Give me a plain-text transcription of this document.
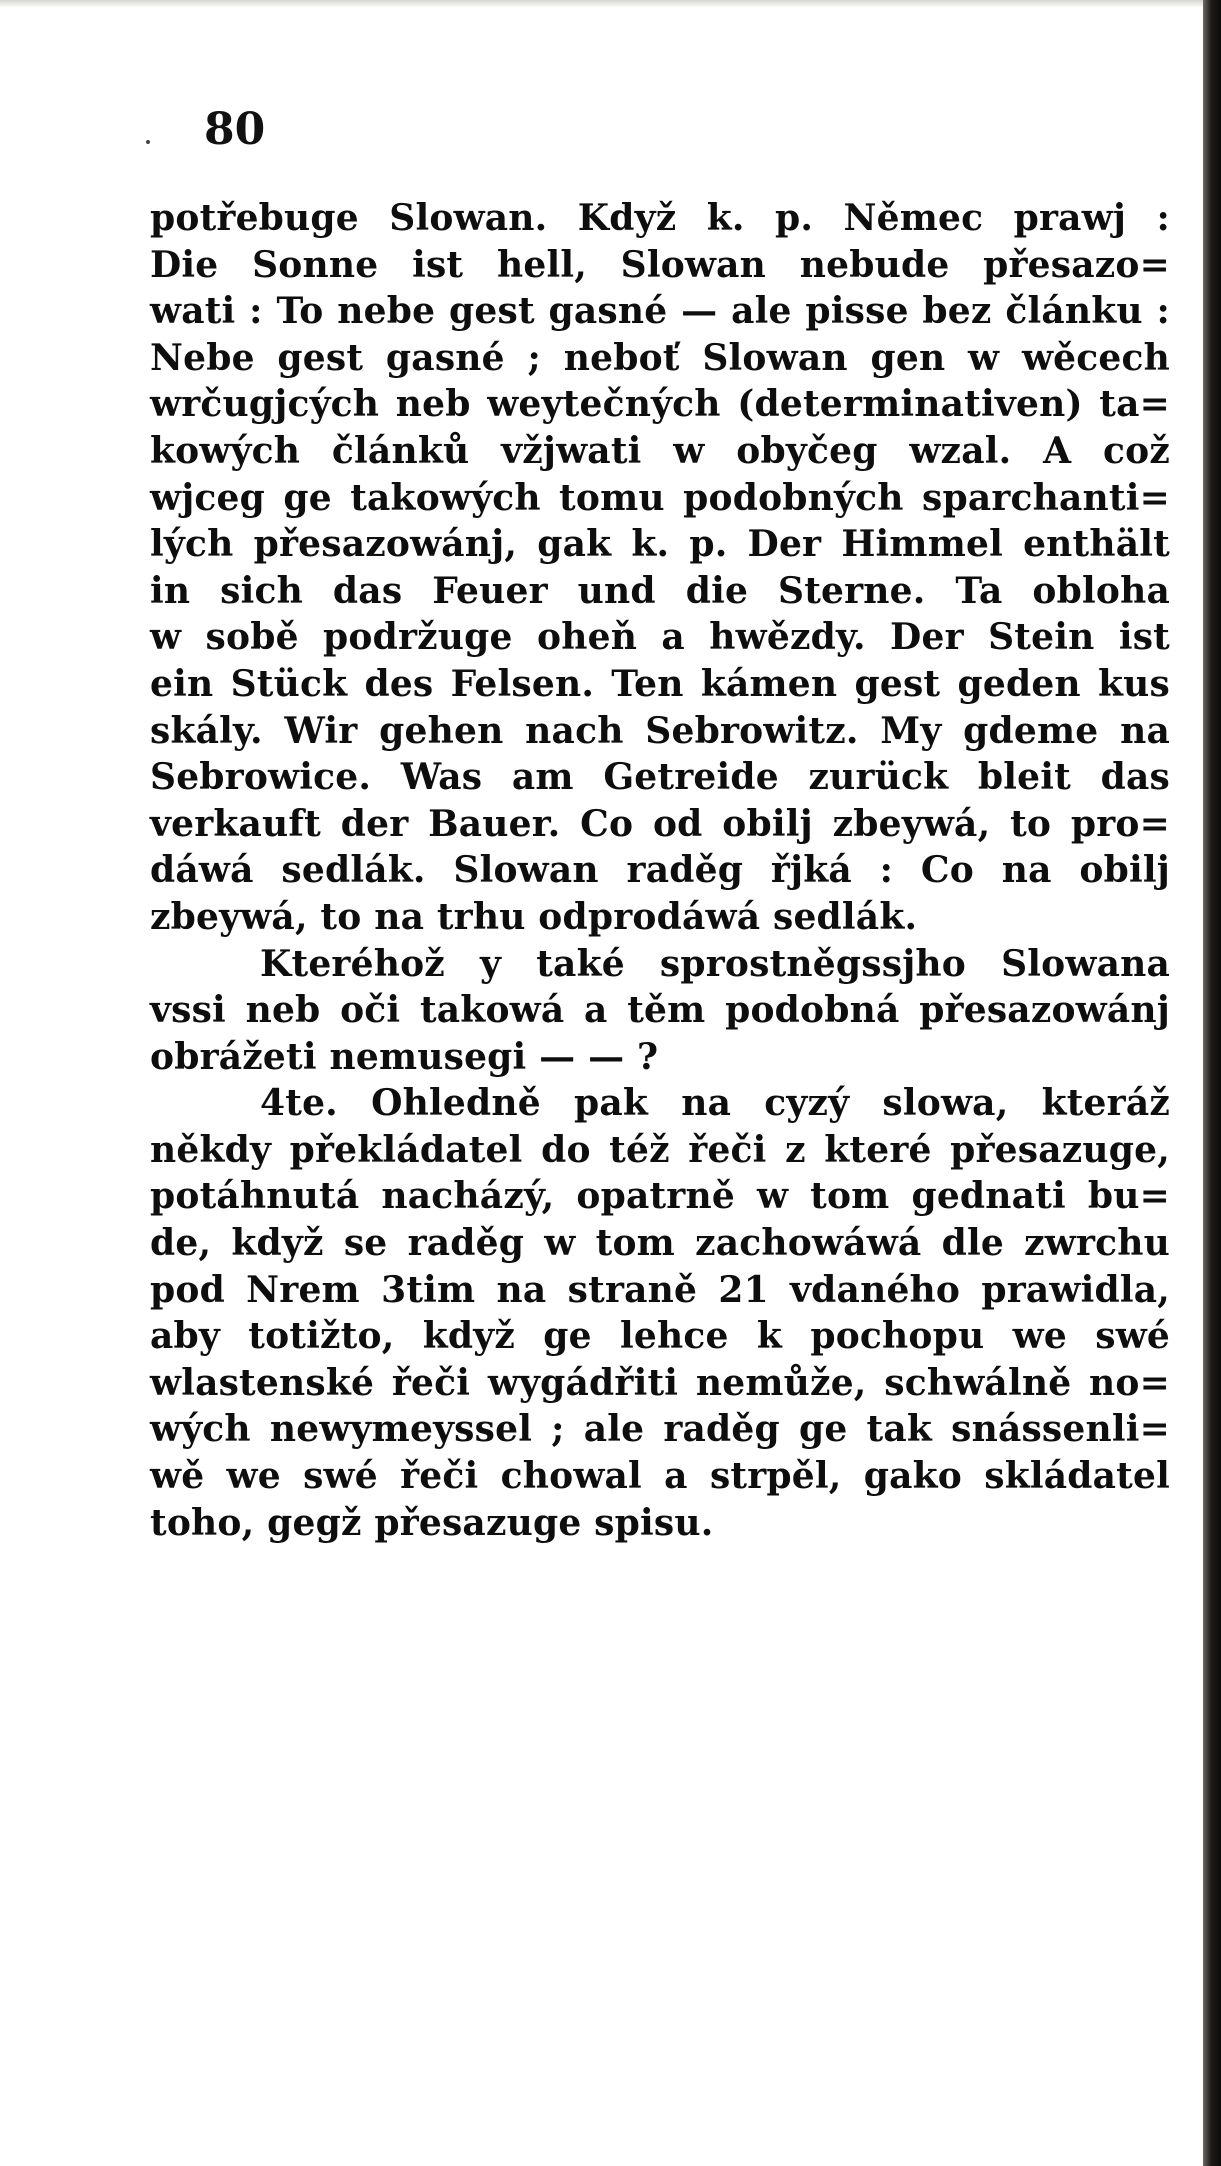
80
potřebuge Slowan. Když k. p. Němec prawj :
Die Sonne ist hell, Slowan nebude přesazo=
wati : To nebe gest gasné — ale pisse bez článku :
Nebe gest gasné ; neboť Slowan gen w wěcech
wrčugjcých neb weytečných (determinativen) ta=
kowých článků vžjwati w obyčeg wzal. A což
wjceg ge takowých tomu podobných sparchanti=
lých přesazowánj, gak k. p. Der Himmel enthält
in sich das Feuer und die Sterne. Ta obloha
w sobě podržuge oheň a hwězdy. Der Stein ist
ein Stück des Felsen. Ten kámen gest geden kus
skály. Wir gehen nach Sebrowitz. My gdeme na
Sebrowice. Was am Getreide zurück bleit das
verkauft der Bauer. Co od obilj zbeywá, to pro=
dáwá sedlák. Slowan raděg řjká : Co na obilj
zbeywá, to na trhu odprodáwá sedlák.
Kteréhož y také sprostněgssjho Slowana
vssi neb oči takowá a těm podobná přesazowánj
obrážeti nemusegi — — ?
4te. Ohledně pak na cyzý slowa, kteráž
někdy překládatel do též řeči z které přesazuge,
potáhnutá nacházý, opatrně w tom gednati bu=
de, když se raděg w tom zachowáwá dle zwrchu
pod Nrem 3tim na straně 21 vdaného prawidla,
aby totižto, když ge lehce k pochopu we swé
wlastenské řeči wygádřiti nemůže, schwálně no=
wých newymeyssel ; ale raděg ge tak snássenli=
wě we swé řeči chowal a strpěl, gako skládatel
toho, gegž přesazuge spisu.
